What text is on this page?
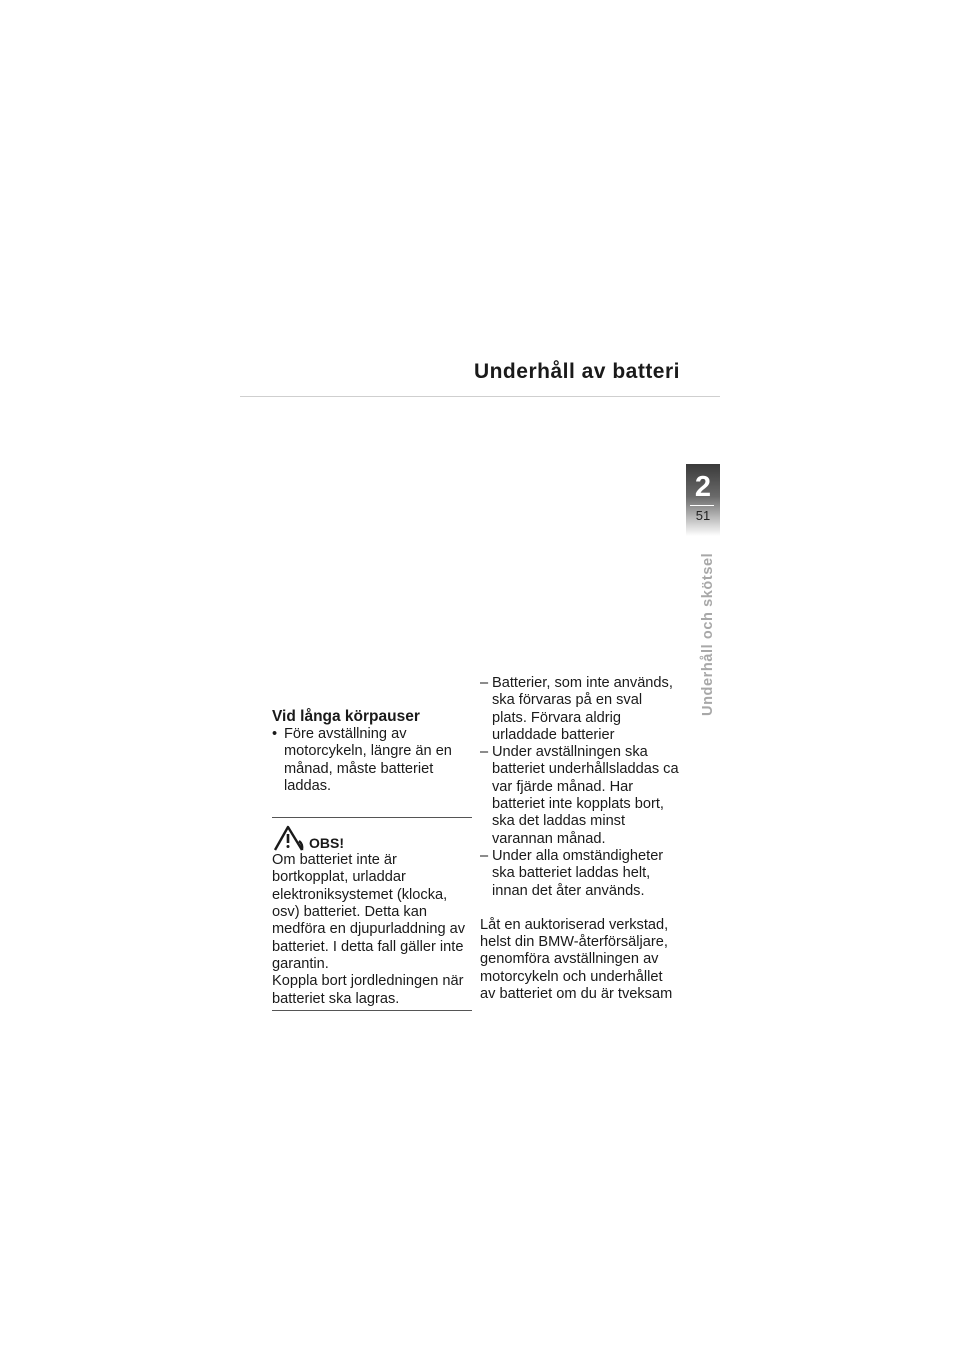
Underhåll av batteri
2
51
Underhåll och skötsel
Vid långa körpauser
• Före avställning av motorcykeln, längre än en månad, måste batteriet laddas.
OBS!
Om batteriet inte är bortkopplat, urladdar elektroniksystemet (klocka, osv) batteriet. Detta kan medföra en djupurladdning av batteriet. I detta fall gäller inte garantin.
Koppla bort jordledningen när batteriet ska lagras.
– Batterier, som inte används, ska förvaras på en sval plats. Förvara aldrig urladdade batterier
– Under avställningen ska batteriet underhållsladdas ca var fjärde månad. Har batteriet inte kopplats bort, ska det laddas minst varannan månad.
– Under alla omständigheter ska batteriet laddas helt, innan det åter används.
Låt en auktoriserad verkstad, helst din BMW-återförsäljare, genomföra avställningen av motorcykeln och underhållet av batteriet om du är tveksam
